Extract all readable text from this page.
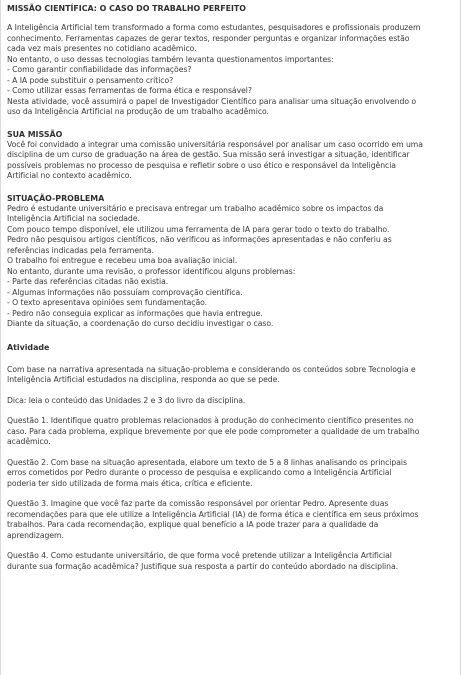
MISSÃO CIENTÍFICA: O CASO DO TRABALHO PERFEITO
A Inteligência Artificial tem transformado a forma como estudantes, pesquisadores e profissionais produzem
conhecimento. Ferramentas capazes de gerar textos, responder perguntas e organizar informações estão
cada vez mais presentes no cotidiano acadêmico.
No entanto, o uso dessas tecnologias também levanta questionamentos importantes:
- Como garantir confiabilidade das informações?
- A IA pode substituir o pensamento crítico?
- Como utilizar essas ferramentas de forma ética e responsável?
Nesta atividade, você assumirá o papel de Investigador Científico para analisar uma situação envolvendo o
uso da Inteligência Artificial na produção de um trabalho acadêmico.
SUA MISSÃO
Você foi convidado a integrar uma comissão universitária responsável por analisar um caso ocorrido em uma
disciplina de um curso de graduação na área de gestão. Sua missão será investigar a situação, identificar
possíveis problemas no processo de pesquisa e refletir sobre o uso ético e responsável da Inteligência
Artificial no contexto acadêmico.
SITUAÇÃO-PROBLEMA
Pedro é estudante universitário e precisava entregar um trabalho acadêmico sobre os impactos da
Inteligência Artificial na sociedade.
Com pouco tempo disponível, ele utilizou uma ferramenta de IA para gerar todo o texto do trabalho.
Pedro não pesquisou artigos científicos, não verificou as informações apresentadas e não conferiu as
referências indicadas pela ferramenta.
O trabalho foi entregue e recebeu uma boa avaliação inicial.
No entanto, durante uma revisão, o professor identificou alguns problemas:
- Parte das referências citadas não existia.
- Algumas informações não possuíam comprovação científica.
- O texto apresentava opiniões sem fundamentação.
- Pedro não conseguia explicar as informações que havia entregue.
Diante da situação, a coordenação do curso decidiu investigar o caso.
Atividade
Com base na narrativa apresentada na situação-problema e considerando os conteúdos sobre Tecnologia e
Inteligência Artificial estudados na disciplina, responda ao que se pede.
Dica: leia o conteúdo das Unidades 2 e 3 do livro da disciplina.
Questão 1. Identifique quatro problemas relacionados à produção do conhecimento científico presentes no
caso. Para cada problema, explique brevemente por que ele pode comprometer a qualidade de um trabalho
acadêmico.
Questão 2. Com base na situação apresentada, elabore um texto de 5 a 8 linhas analisando os principais
erros cometidos por Pedro durante o processo de pesquisa e explicando como a Inteligência Artificial
poderia ter sido utilizada de forma mais ética, crítica e eficiente.
Questão 3. Imagine que você faz parte da comissão responsável por orientar Pedro. Apresente duas
recomendações para que ele utilize a Inteligência Artificial (IA) de forma ética e científica em seus próximos
trabalhos. Para cada recomendação, explique qual benefício a IA pode trazer para a qualidade da
aprendizagem.
Questão 4. Como estudante universitário, de que forma você pretende utilizar a Inteligência Artificial
durante sua formação acadêmica? Justifique sua resposta a partir do conteúdo abordado na disciplina.
